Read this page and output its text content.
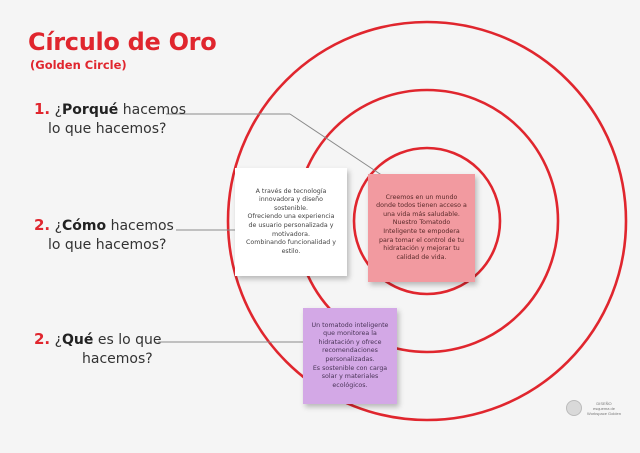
Círculo de Oro
(Golden Circle)
1. ¿Porqué hacemos
lo que hacemos?
2. ¿Cómo hacemos
lo que hacemos?
2. ¿Qué es lo que
hacemos?
A través de tecnología innovadora y diseño sostenible.
Ofreciendo una experiencia de usuario personalizada y motivadora.
Combinando funcionalidad y estilo.
Creemos en un mundo donde todos tienen acceso a una vida más saludable. Nuestro Tomatodo Inteligente te empodera para tomar el control de tu hidratación y mejorar tu calidad de vida.
Un tomatodo inteligente que monitorea la hidratación y ofrece recomendaciones personalizadas.
Es sostenible con carga solar y materiales ecológicos.
DISEÑO
esquema de
Workspace Golden
